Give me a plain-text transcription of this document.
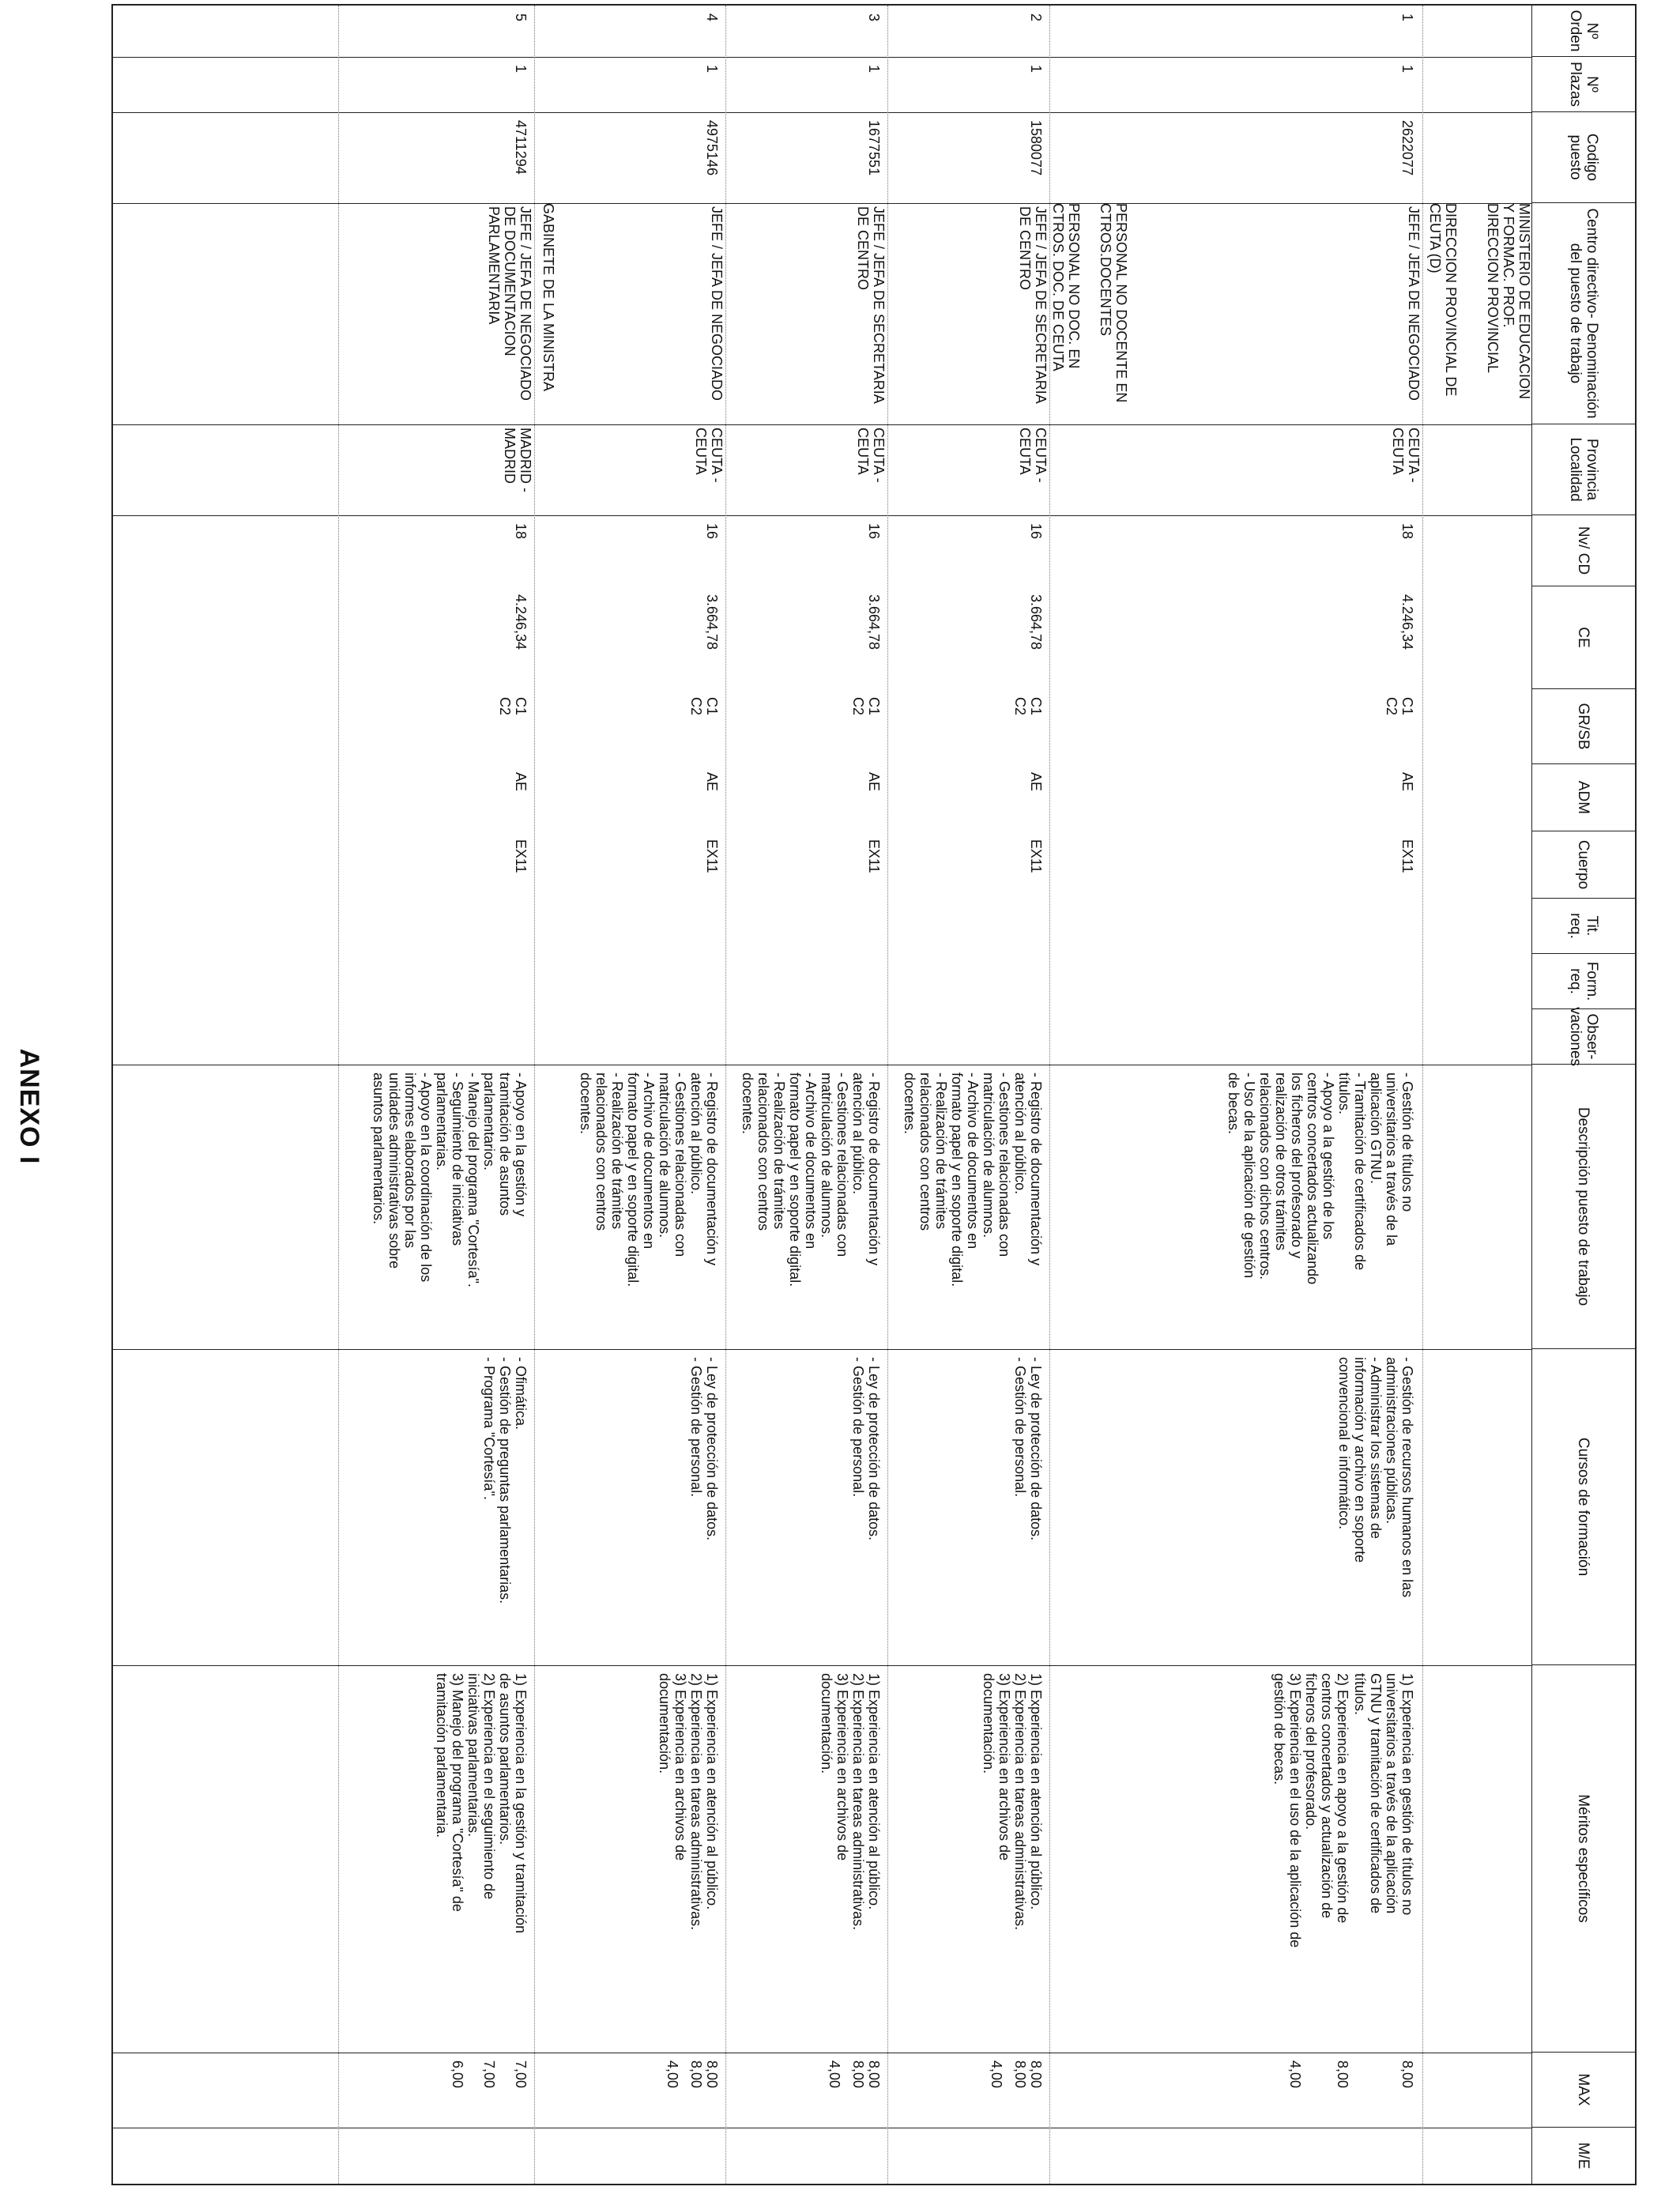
ANEXO I
Nº Orden
Nº Plazas
Codigo puesto
Centro directivo- Denominación del puesto de trabajo
Provincia Localidad
Nv/ CD
CE
GR/SB
ADM
Cuerpo
Tit. req.
Form. req.
Obser- vaciones
Descripción puesto de trabajo
Cursos de formación
Méritos específicos
MAX
M/E
MINISTERIO DE EDUCACION
Y FORMAC. PROF.
DIRECCION PROVINCIAL
DIRECCION PROVINCIAL DE
CEUTA (D)
1
1
2622077
JEFE / JEFA DE NEGOCIADO
CEUTA -
CEUTA
18
4.246,34
C1
C2
AE
EX11
- Gestión de títulos no
universitarios a través de la
aplicación GTNU.
- Tramitación de certificados de
títulos.
- Apoyo a la gestión de los
centros concertados actualizando
los ficheros del profesorado y
realización de otros trámites
relacionados con dichos centros.
- Uso de la aplicación de gestión
de becas.
- Gestión de recursos humanos en las
administraciones públicas.
- Administrar los sistemas de
información y archivo en soporte
convencional e informático.
1) Experiencia en gestión de títulos no
universitarios a través de la aplicación
GTNU y tramitación de certificados de
títulos.
2) Experiencia en apoyo a la gestión de
centros concertados y actualización de
ficheros del profesorado.
3) Experiencia en el uso de la aplicación de
gestión de becas.
8,00
8,00
4,00
PERSONAL NO DOCENTE EN
CTROS.DOCENTES
PERSONAL NO DOC. EN
CTROS. DOC. DE CEUTA
2
1
1580077
JEFE / JEFA DE SECRETARIA
DE CENTRO
CEUTA -
CEUTA
16
3.664,78
C1
C2
AE
EX11
- Registro de documentación y
atención al público.
- Gestiones relacionadas con
matriculación de alumnos.
- Archivo de documentos en
formato papel y en soporte digital.
- Realización de trámites
relacionados con centros
docentes.
- Ley de protección de datos.
- Gestión de personal.
1) Experiencia en atención al público.
2) Experiencia en tareas administrativas.
3) Experiencia en archivos de
documentación.
8,00
8,00
4,00
3
1
1677551
JEFE / JEFA DE SECRETARIA
DE CENTRO
CEUTA -
CEUTA
16
3.664,78
C1
C2
AE
EX11
- Registro de documentación y
atención al público.
- Gestiones relacionadas con
matriculación de alumnos.
- Archivo de documentos en
formato papel y en soporte digital.
- Realización de trámites
relacionados con centros
docentes.
- Ley de protección de datos.
- Gestión de personal.
1) Experiencia en atención al público.
2) Experiencia en tareas administrativas.
3) Experiencia en archivos de
documentación.
8,00
8,00
4,00
4
1
4975146
JEFE / JEFA DE NEGOCIADO
CEUTA -
CEUTA
16
3.664,78
C1
C2
AE
EX11
- Registro de documentación y
atención al público.
- Gestiones relacionadas con
matriculación de alumnos.
- Archivo de documentos en
formato papel y en soporte digital.
- Realización de trámites
relacionados con centros
docentes.
- Ley de protección de datos.
- Gestión de personal.
1) Experiencia en atención al público.
2) Experiencia en tareas administrativas.
3) Experiencia en archivos de
documentación.
8,00
8,00
4,00
GABINETE DE LA MINISTRA
5
1
4711294
JEFE / JEFA DE NEGOCIADO
DE DOCUMENTACION
PARLAMENTARIA
MADRID -
MADRID
18
4.246,34
C1
C2
AE
EX11
- Apoyo en la gestión y
tramitación de asuntos
parlamentarios.
- Manejo del programa "Cortesía".
- Seguimiento de iniciativas
parlamentarias.
- Apoyo en la coordinación de los
informes elaborados por las
unidades administrativas sobre
asuntos parlamentarios.
- Ofimática.
- Gestión de preguntas parlamentarias.
- Programa "Cortesía".
1) Experiencia en la gestión y tramitación
de asuntos parlamentarios.
2) Experiencia en el seguimiento de
iniciativas parlamentarias.
3) Manejo del programa "Cortesía" de
tramitación parlamentaria.
7,00
7,00
6,00
